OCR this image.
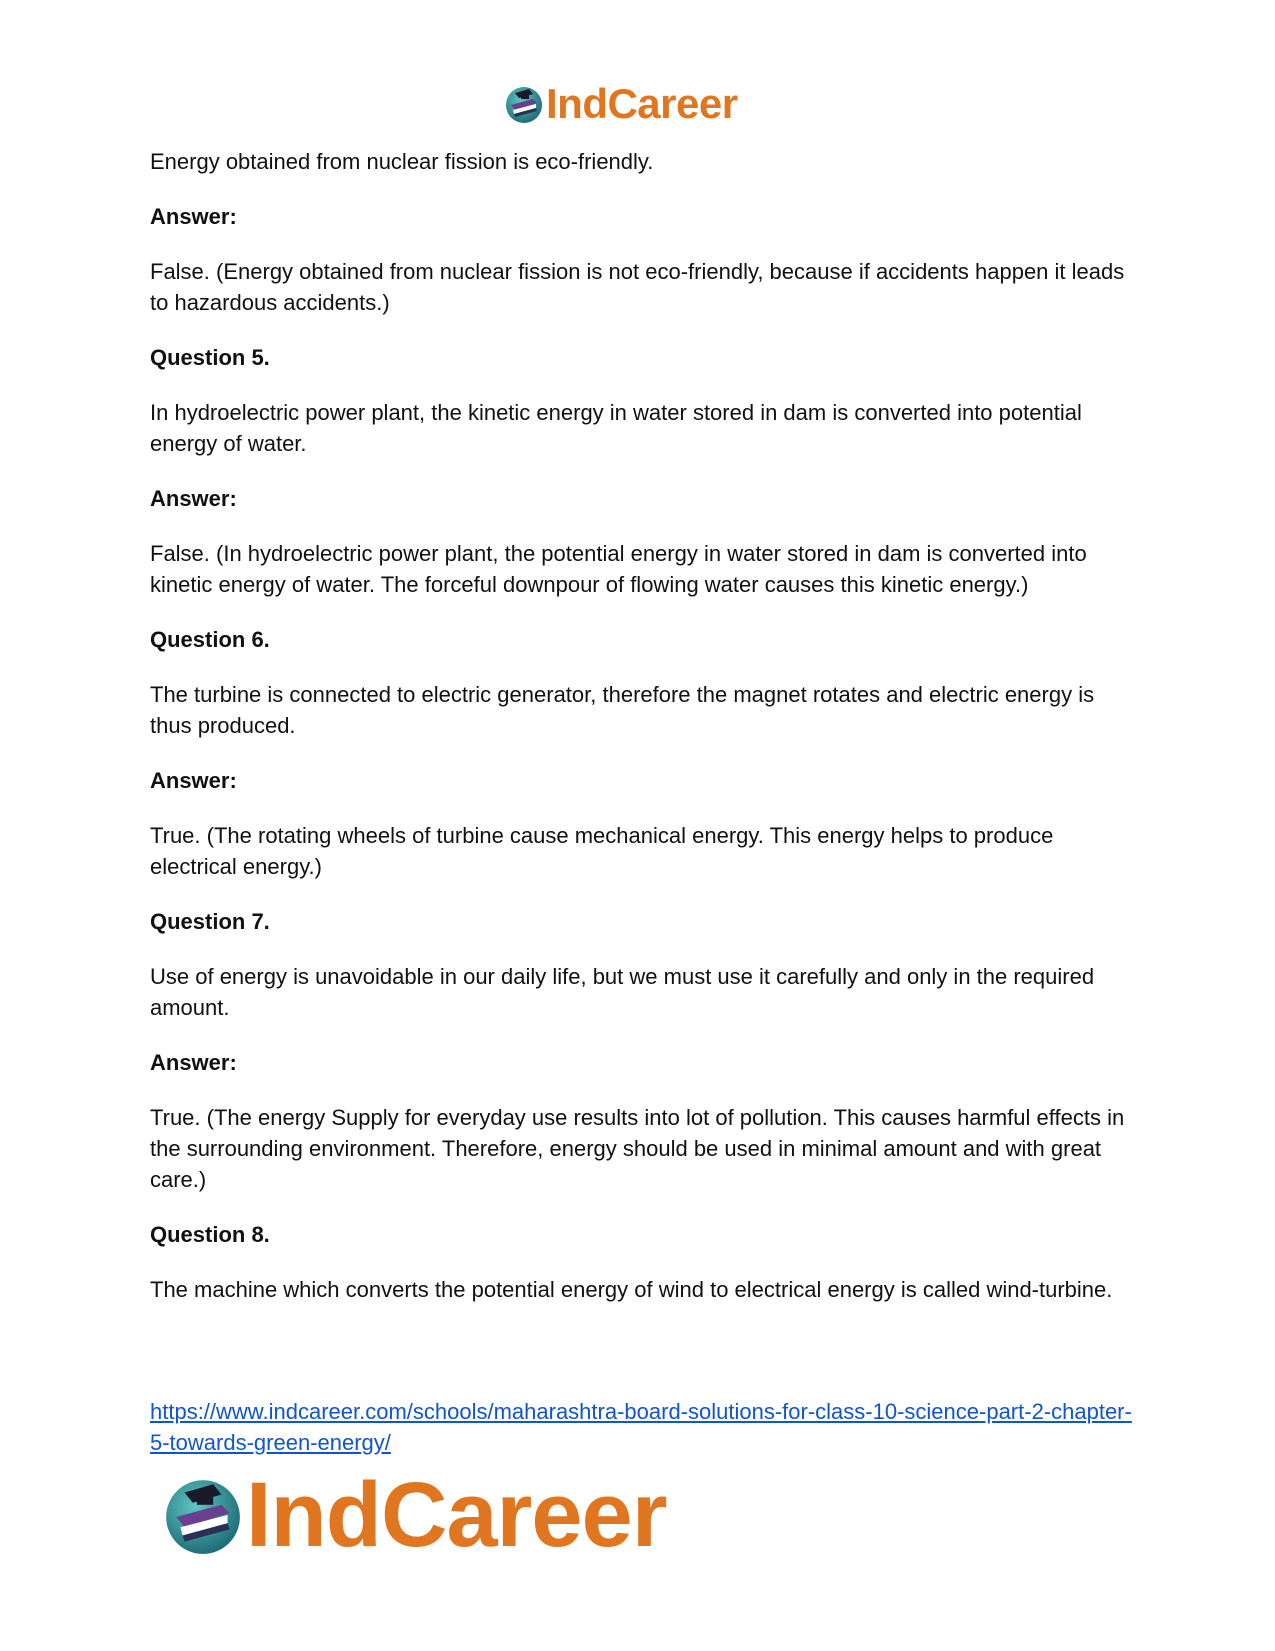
IndCareer

Energy obtained from nuclear fission is eco-friendly.

Answer:

False. (Energy obtained from nuclear fission is not eco-friendly, because if accidents happen it leads to hazardous accidents.)

Question 5.

In hydroelectric power plant, the kinetic energy in water stored in dam is converted into potential energy of water.

Answer:

False. (In hydroelectric power plant, the potential energy in water stored in dam is converted into kinetic energy of water. The forceful downpour of flowing water causes this kinetic energy.)

Question 6.

The turbine is connected to electric generator, therefore the magnet rotates and electric energy is thus produced.

Answer:

True. (The rotating wheels of turbine cause mechanical energy. This energy helps to produce electrical energy.)

Question 7.

Use of energy is unavoidable in our daily life, but we must use it carefully and only in the required amount.

Answer:

True. (The energy Supply for everyday use results into lot of pollution. This causes harmful effects in the surrounding environment. Therefore, energy should be used in minimal amount and with great care.)

Question 8.

The machine which converts the potential energy of wind to electrical energy is called wind-turbine.

https://www.indcareer.com/schools/maharashtra-board-solutions-for-class-10-science-part-2-chapter-5-towards-green-energy/
IndCareer
